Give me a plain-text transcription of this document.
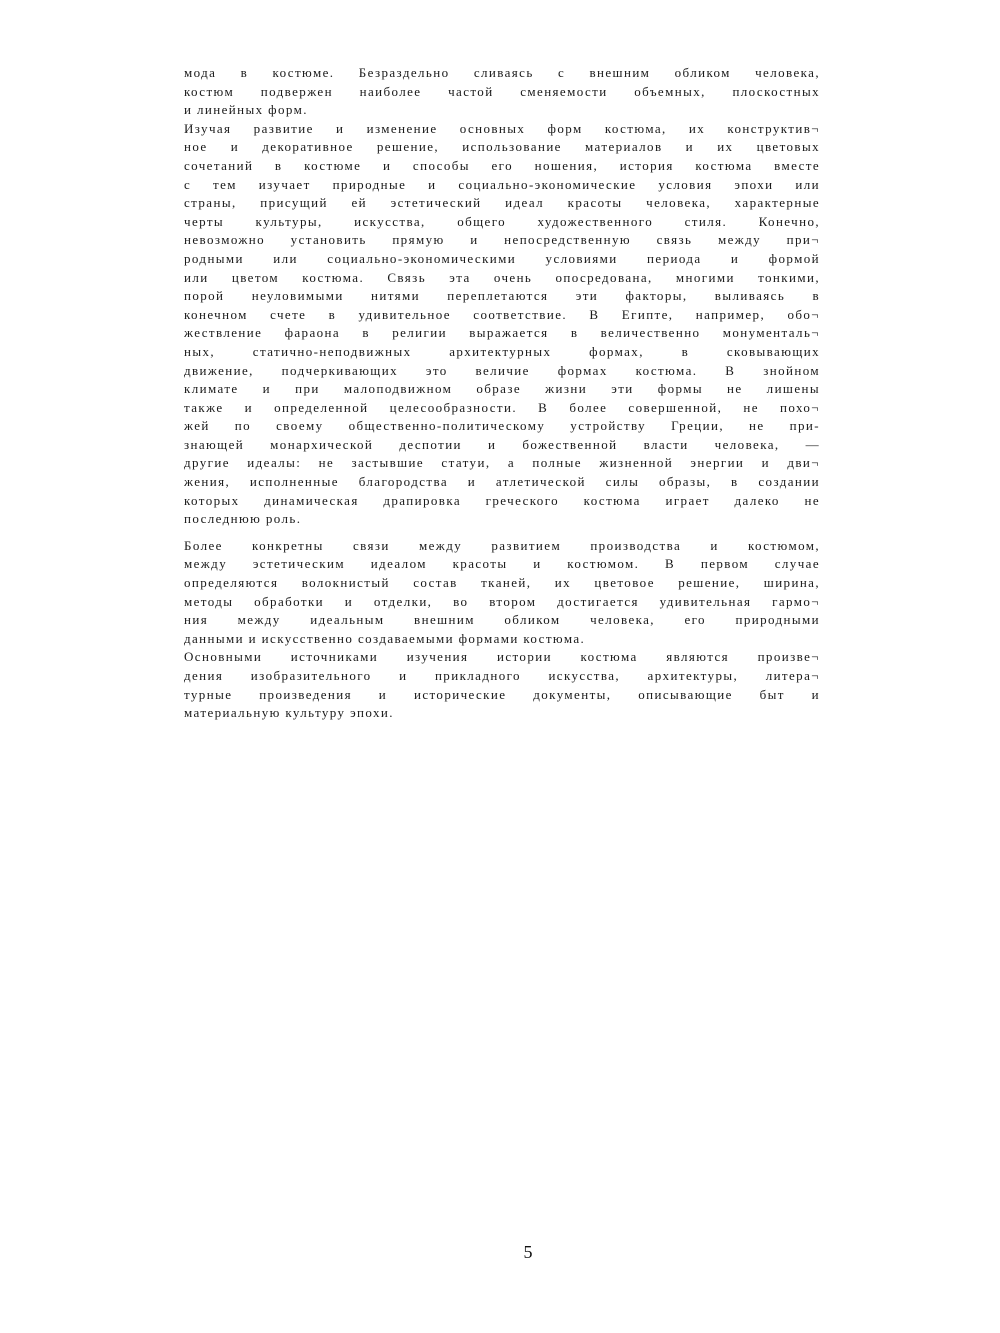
мода в костюме. Безраздельно сливаясь с внешним обликом человека,
костюм подвержен наиболее частой сменяемости объемных, плоскостных
и линейных форм.
Изучая развитие и изменение основных форм костюма, их конструктив¬
ное и декоративное решение, использование материалов и их цветовых
сочетаний в костюме и способы его ношения, история костюма вместе
с тем изучает природные и социально-экономические условия эпохи или
страны, присущий ей эстетический идеал красоты человека, характерные
черты культуры, искусства, общего художественного стиля. Конечно,
невозможно установить прямую и непосредственную связь между при¬
родными или социально-экономическими условиями периода и формой
или цветом костюма. Связь эта очень опосредована, многими тонкими,
порой неуловимыми нитями переплетаются эти факторы, выливаясь в
конечном счете в удивительное соответствие. В Египте, например, обо¬
жествление фараона в религии выражается в величественно монументаль¬
ных, статично-неподвижных архитектурных формах, в сковывающих
движение, подчеркивающих это величие формах костюма. В знойном
климате и при малоподвижном образе жизни эти формы не лишены
также и определенной целесообразности. В более совершенной, не похо¬
жей по своему общественно-политическому устройству Греции, не при-
знающей монархической деспотии и божественной власти человека, —
другие идеалы: не застывшие статуи, а полные жизненной энергии и дви¬
жения, исполненные благородства и атлетической силы образы, в создании
которых динамическая драпировка греческого костюма играет далеко не
последнюю роль.
Более конкретны связи между развитием производства и костюмом,
между эстетическим идеалом красоты и костюмом. В первом случае
определяются волокнистый состав тканей, их цветовое решение, ширина,
методы обработки и отделки, во втором достигается удивительная гармо¬
ния между идеальным внешним обликом человека, его природными
данными и искусственно создаваемыми формами костюма.
Основными источниками изучения истории костюма являются произве¬
дения изобразительного и прикладного искусства, архитектуры, литера¬
турные произведения и исторические документы, описывающие быт и
материальную культуру эпохи.
5
